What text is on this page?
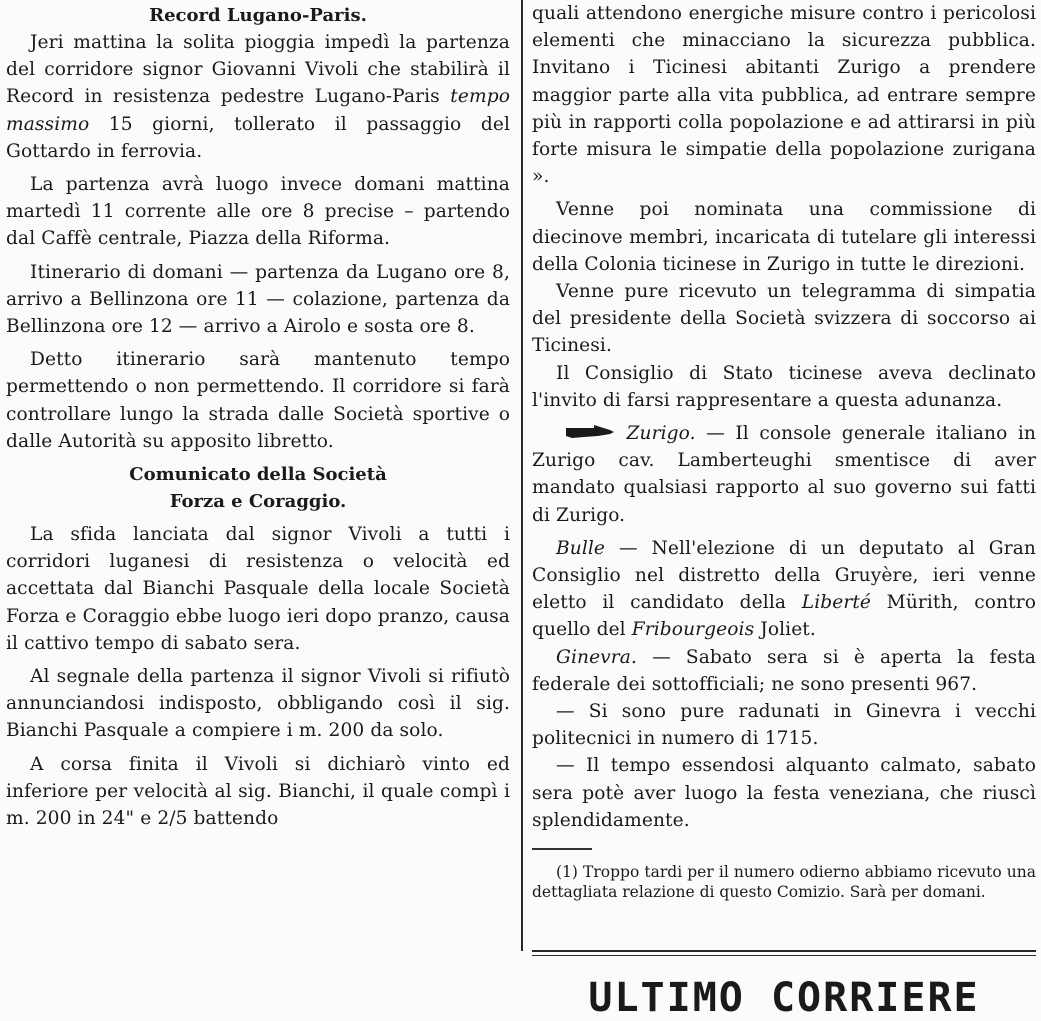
Record Lugano-Paris.

Jeri mattina la solita pioggia impedì la partenza del corridore signor Giovanni Vivoli che stabilirà il Record in resistenza pedestre Lugano-Paris tempo massimo 15 giorni, tollerato il passaggio del Gottardo in ferrovia.

La partenza avrà luogo invece domani mattina martedì 11 corrente alle ore 8 precise – partendo dal Caffè centrale, Piazza della Riforma.

Itinerario di domani — partenza da Lugano ore 8, arrivo a Bellinzona ore 11 — colazione, partenza da Bellinzona ore 12 — arrivo a Airolo e sosta ore 8.

Detto itinerario sarà mantenuto tempo permettendo o non permettendo. Il corridore si farà controllare lungo la strada dalle Società sportive o dalle Autorità su apposito libretto.

Comunicato della Società

Forza e Coraggio.

La sfida lanciata dal signor Vivoli a tutti i corridori luganesi di resistenza o velocità ed accettata dal Bianchi Pasquale della locale Società Forza e Coraggio ebbe luogo ieri dopo pranzo, causa il cattivo tempo di sabato sera.

Al segnale della partenza il signor Vivoli si rifiutò annunciandosi indisposto, obbligando così il sig. Bianchi Pasquale a compiere i m. 200 da solo.

A corsa finita il Vivoli si dichiarò vinto ed inferiore per velocità al sig. Bianchi, il quale compì i m. 200 in 24" e 2/5 battendo

quali attendono energiche misure contro i pericolosi elementi che minacciano la sicurezza pubblica. Invitano i Ticinesi abitanti Zurigo a prendere maggior parte alla vita pubblica, ad entrare sempre più in rapporti colla popolazione e ad attirarsi in più forte misura le simpatie della popolazione zurigana ».

Venne poi nominata una commissione di diecinove membri, incaricata di tutelare gli interessi della Colonia ticinese in Zurigo in tutte le direzioni.

Venne pure ricevuto un telegramma di simpatia del presidente della Società svizzera di soccorso ai Ticinesi.

Il Consiglio di Stato ticinese aveva declinato l'invito di farsi rappresentare a questa adunanza.

Zurigo. — Il console generale italiano in Zurigo cav. Lamberteughi smentisce di aver mandato qualsiasi rapporto al suo governo sui fatti di Zurigo.

Bulle — Nell'elezione di un deputato al Gran Consiglio nel distretto della Gruyère, ieri venne eletto il candidato della Liberté Mürith, contro quello del Fribourgeois Joliet.

Ginevra. — Sabato sera si è aperta la festa federale dei sottofficiali; ne sono presenti 967.

— Si sono pure radunati in Ginevra i vecchi politecnici in numero di 1715.

— Il tempo essendosi alquanto calmato, sabato sera potè aver luogo la festa veneziana, che riuscì splendidamente.

(1) Troppo tardi per il numero odierno abbiamo ricevuto una dettagliata relazione di questo Comizio. Sarà per domani.

ULTIMO CORRIERE
